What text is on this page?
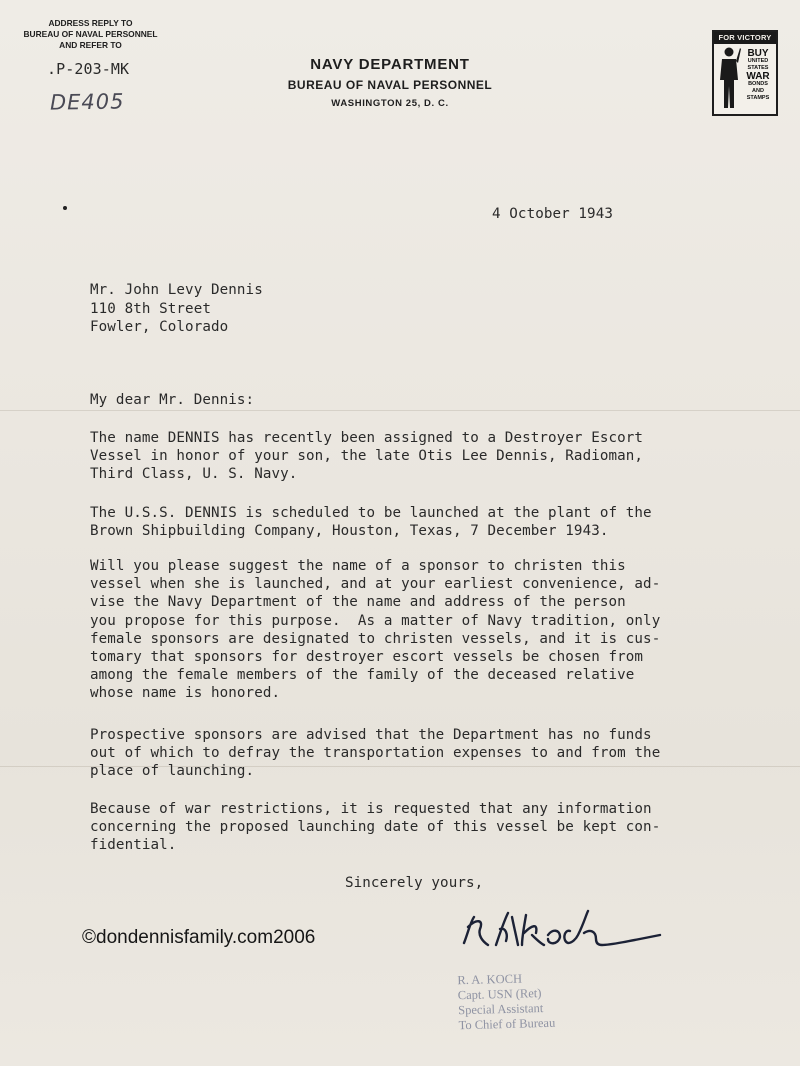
ADDRESS REPLY TO
BUREAU OF NAVAL PERSONNEL
AND REFER TO
.P-203-MK
DE405
NAVY DEPARTMENT
BUREAU OF NAVAL PERSONNEL
WASHINGTON 25, D. C.
FOR VICTORY
BUY
UNITED
STATES
WAR
BONDS
AND
STAMPS
4 October 1943
Mr. John Levy Dennis
110 8th Street
Fowler, Colorado
My dear Mr. Dennis:
The name DENNIS has recently been assigned to a Destroyer Escort
Vessel in honor of your son, the late Otis Lee Dennis, Radioman,
Third Class, U. S. Navy.
The U.S.S. DENNIS is scheduled to be launched at the plant of the
Brown Shipbuilding Company, Houston, Texas, 7 December 1943.
Will you please suggest the name of a sponsor to christen this
vessel when she is launched, and at your earliest convenience, ad-
vise the Navy Department of the name and address of the person
you propose for this purpose.  As a matter of Navy tradition, only
female sponsors are designated to christen vessels, and it is cus-
tomary that sponsors for destroyer escort vessels be chosen from
among the female members of the family of the deceased relative
whose name is honored.
Prospective sponsors are advised that the Department has no funds
out of which to defray the transportation expenses to and from the
place of launching.
Because of war restrictions, it is requested that any information
concerning the proposed launching date of this vessel be kept con-
fidential.
Sincerely yours,
©dondennisfamily.com2006
R. A. KOCH
Capt. USN (Ret)
Special Assistant
To Chief of Bureau
